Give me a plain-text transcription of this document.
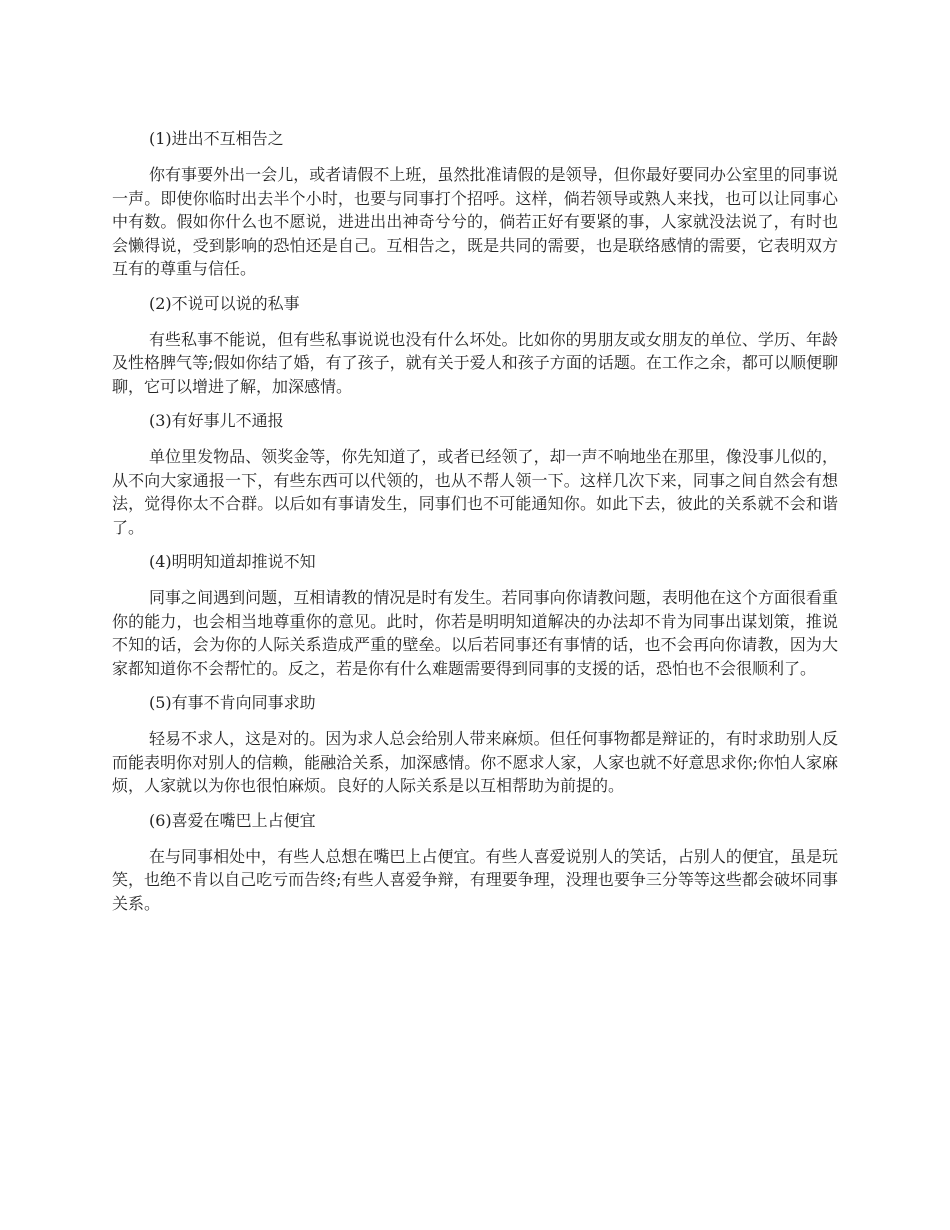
(1)进出不互相告之

你有事要外出一会儿，或者请假不上班，虽然批准请假的是领导，但你最好要同办公室里的同事说一声。即使你临时出去半个小时，也要与同事打个招呼。这样，倘若领导或熟人来找，也可以让同事心中有数。假如你什么也不愿说，进进出出神奇兮兮的，倘若正好有要紧的事，人家就没法说了，有时也会懒得说，受到影响的恐怕还是自己。互相告之，既是共同的需要，也是联络感情的需要，它表明双方互有的尊重与信任。

(2)不说可以说的私事

有些私事不能说，但有些私事说说也没有什么坏处。比如你的男朋友或女朋友的单位、学历、年龄及性格脾气等;假如你结了婚，有了孩子，就有关于爱人和孩子方面的话题。在工作之余，都可以顺便聊聊，它可以增进了解，加深感情。

(3)有好事儿不通报

单位里发物品、领奖金等，你先知道了，或者已经领了，却一声不响地坐在那里，像没事儿似的，从不向大家通报一下，有些东西可以代领的，也从不帮人领一下。这样几次下来，同事之间自然会有想法，觉得你太不合群。以后如有事请发生，同事们也不可能通知你。如此下去，彼此的关系就不会和谐了。

(4)明明知道却推说不知

同事之间遇到问题，互相请教的情况是时有发生。若同事向你请教问题，表明他在这个方面很看重你的能力，也会相当地尊重你的意见。此时，你若是明明知道解决的办法却不肯为同事出谋划策，推说不知的话，会为你的人际关系造成严重的壁垒。以后若同事还有事情的话，也不会再向你请教，因为大家都知道你不会帮忙的。反之，若是你有什么难题需要得到同事的支援的话，恐怕也不会很顺利了。

(5)有事不肯向同事求助

轻易不求人，这是对的。因为求人总会给别人带来麻烦。但任何事物都是辩证的，有时求助别人反而能表明你对别人的信赖，能融洽关系，加深感情。你不愿求人家，人家也就不好意思求你;你怕人家麻烦，人家就以为你也很怕麻烦。良好的人际关系是以互相帮助为前提的。

(6)喜爱在嘴巴上占便宜

在与同事相处中，有些人总想在嘴巴上占便宜。有些人喜爱说别人的笑话，占别人的便宜，虽是玩笑，也绝不肯以自己吃亏而告终;有些人喜爱争辩，有理要争理，没理也要争三分等等这些都会破坏同事关系。
